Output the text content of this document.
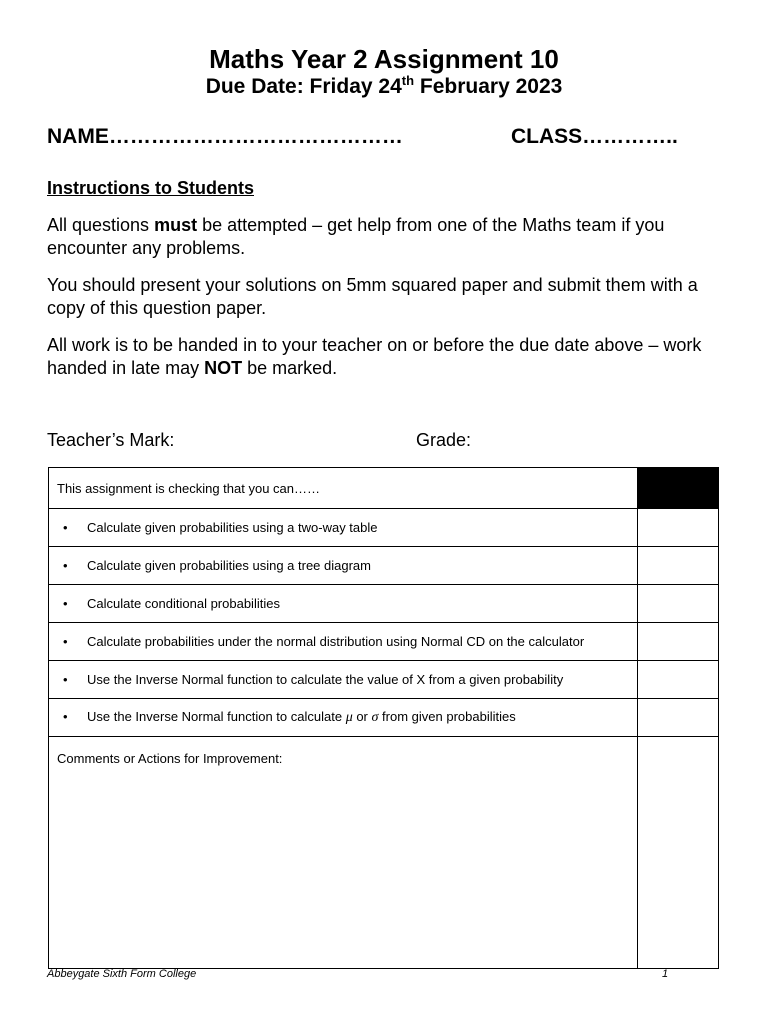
Maths Year 2 Assignment 10
Due Date: Friday 24th February 2023
NAME……………………………………	CLASS…………..
Instructions to Students
All questions must be attempted – get help from one of the Maths team if you encounter any problems.
You should present your solutions on 5mm squared paper and submit them with a copy of this question paper.
All work is to be handed in to your teacher on or before the due date above – work handed in late may NOT be marked.
Teacher’s Mark:	Grade:
This assignment is checking that you can……	
• Calculate given probabilities using a two-way table	
• Calculate given probabilities using a tree diagram	
• Calculate conditional probabilities	
• Calculate probabilities under the normal distribution using Normal CD on the calculator	
• Use the Inverse Normal function to calculate the value of X from a given probability	
• Use the Inverse Normal function to calculate μ or σ from given probabilities	
Comments or Actions for Improvement:	
Abbeygate Sixth Form College	1
